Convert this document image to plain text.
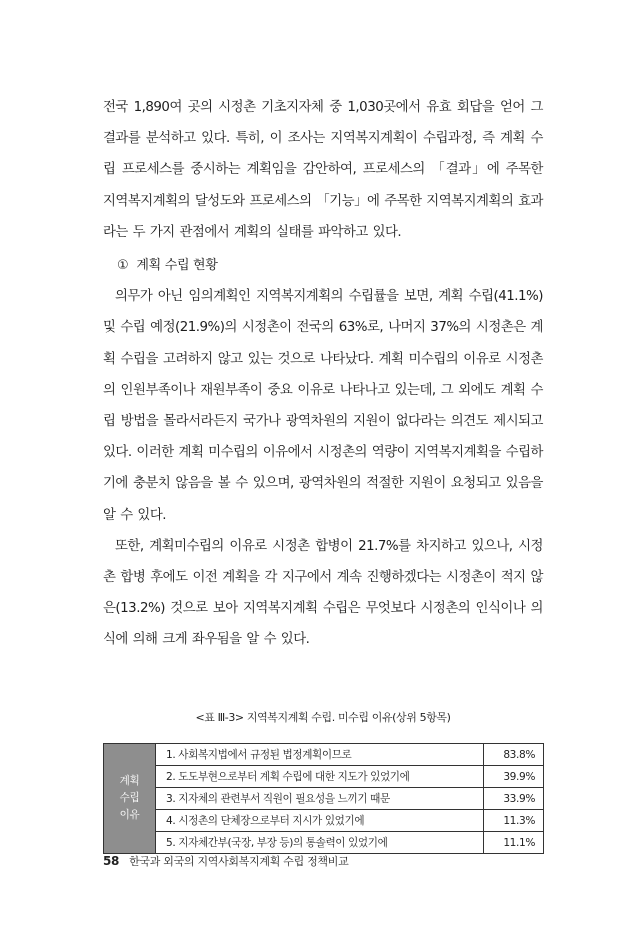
전국 1,890여 곳의 시정촌 기초지자체 중 1,030곳에서 유효 회답을 얻어 그 결과를 분석하고 있다. 특히, 이 조사는 지역복지계획이 수립과정, 즉 계획 수립 프로세스를 중시하는 계획임을 감안하여, 프로세스의 「결과」에 주목한 지역복지계획의 달성도와 프로세스의 「기능」에 주목한 지역복지계획의 효과라는 두 가지 관점에서 계획의 실태를 파악하고 있다.

① 계획 수립 현황

의무가 아닌 임의계획인 지역복지계획의 수립률을 보면, 계획 수립(41.1%) 및 수립 예정(21.9%)의 시정촌이 전국의 63%로, 나머지 37%의 시정촌은 계획 수립을 고려하지 않고 있는 것으로 나타났다. 계획 미수립의 이유로 시정촌의 인원부족이나 재원부족이 중요 이유로 나타나고 있는데, 그 외에도 계획 수립 방법을 몰라서라든지 국가나 광역차원의 지원이 없다라는 의견도 제시되고 있다. 이러한 계획 미수립의 이유에서 시정촌의 역량이 지역복지계획을 수립하기에 충분치 않음을 볼 수 있으며, 광역차원의 적절한 지원이 요청되고 있음을 알 수 있다.

또한, 계획미수립의 이유로 시정촌 합병이 21.7%를 차지하고 있으나, 시정촌 합병 후에도 이전 계획을 각 지구에서 계속 진행하겠다는 시정촌이 적지 않은(13.2%) 것으로 보아 지역복지계획 수립은 무엇보다 시정촌의 인식이나 의식에 의해 크게 좌우됨을 알 수 있다.

<표 Ⅲ-3> 지역복지계획 수립. 미수립 이유(상위 5항목)
계획
수립
이유	1. 사회복지법에서 규정된 법정계획이므로	83.8%
	2. 도도부현으로부터 계획 수립에 대한 지도가 있었기에	39.9%
	3. 지자체의 관련부서 직원이 필요성을 느끼기 때문	33.9%
	4. 시정촌의 단체장으로부터 지시가 있었기에	11.3%
	5. 지자체간부(국장, 부장 등)의 통솔력이 있었기에	11.1%
58 한국과 외국의 지역사회복지계획 수립 정책비교
